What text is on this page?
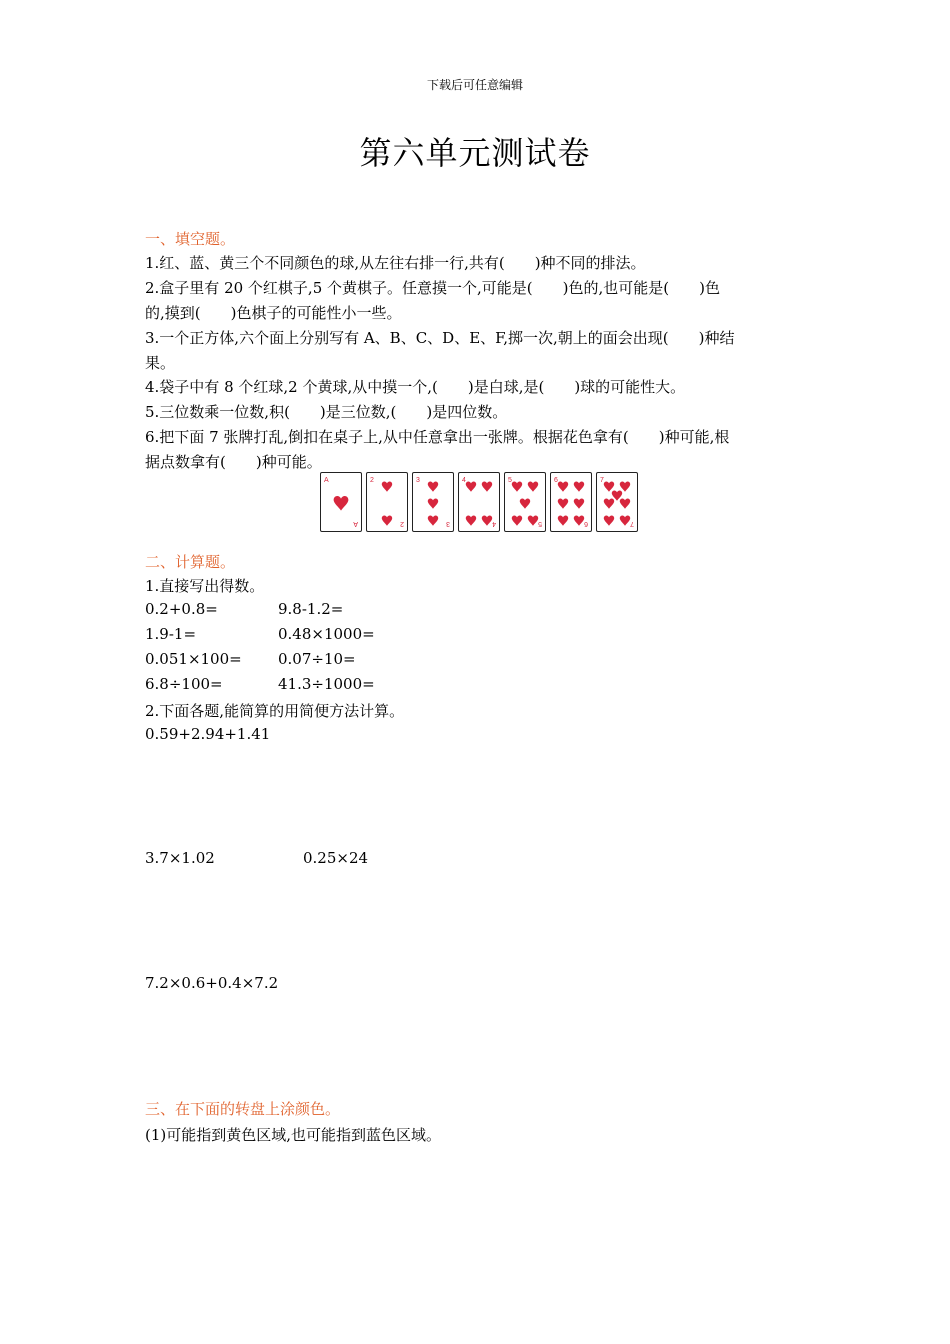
下载后可任意编辑
第六单元测试卷
一、填空题。
1.红、蓝、黄三个不同颜色的球,从左往右排一行,共有(　　)种不同的排法。
2.盒子里有 20 个红棋子,5 个黄棋子。任意摸一个,可能是(　　)色的,也可能是(　　)色
的,摸到(　　)色棋子的可能性小一些。
3.一个正方体,六个面上分别写有 A、B、C、D、E、F,掷一次,朝上的面会出现(　　)种结
果。
4.袋子中有 8 个红球,2 个黄球,从中摸一个,(　　)是白球,是(　　)球的可能性大。
5.三位数乘一位数,积(　　)是三位数,(　　)是四位数。
6.把下面 7 张牌打乱,倒扣在桌子上,从中任意拿出一张牌。根据花色拿有(　　)种可能,根
据点数拿有(　　)种可能。
A
A
2
2
3
3
4
4
5
5
6
6
7
7
二、计算题。
1.直接写出得数。
0.2+0.8=	9.8-1.2=
1.9-1=	0.48×1000=
0.051×100= 0.07÷10=
6.8÷100=	41.3÷1000=
2.下面各题,能简算的用简便方法计算。
0.59+2.94+1.41
3.7×1.02	0.25×24
7.2×0.6+0.4×7.2
三、在下面的转盘上涂颜色。
(1)可能指到黄色区域,也可能指到蓝色区域。
